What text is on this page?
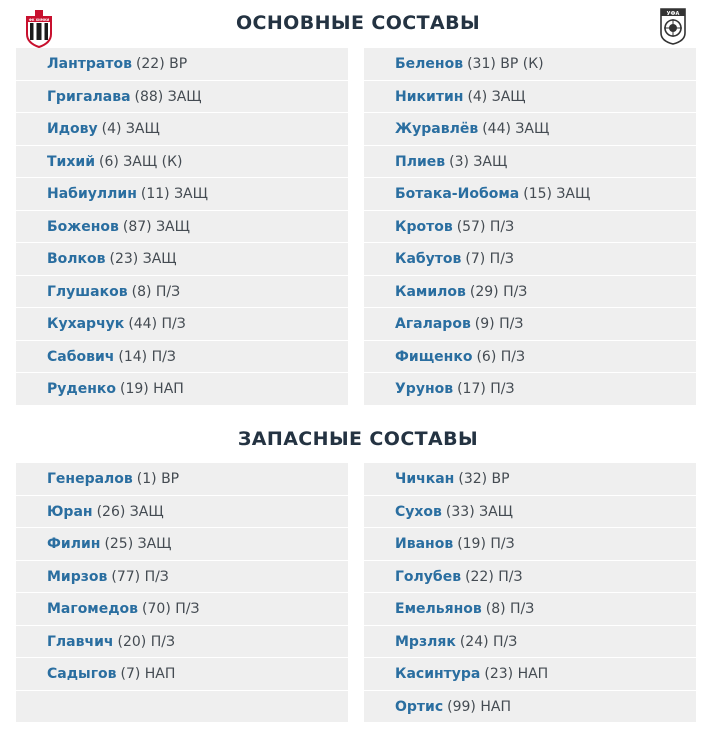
ОСНОВНЫЕ СОСТАВЫ
ФК ХИМКИ
УФА
Лантратов (22) ВР
Григалава (88) ЗАЩ
Идову (4) ЗАЩ
Тихий (6) ЗАЩ (К)
Набиуллин (11) ЗАЩ
Боженов (87) ЗАЩ
Волков (23) ЗАЩ
Глушаков (8) П/З
Кухарчук (44) П/З
Сабович (14) П/З
Руденко (19) НАП
Беленов (31) ВР (К)
Никитин (4) ЗАЩ
Журавлёв (44) ЗАЩ
Плиев (3) ЗАЩ
Ботака-Иобома (15) ЗАЩ
Кротов (57) П/З
Кабутов (7) П/З
Камилов (29) П/З
Агаларов (9) П/З
Фищенко (6) П/З
Урунов (17) П/З
ЗАПАСНЫЕ СОСТАВЫ
Генералов (1) ВР
Юран (26) ЗАЩ
Филин (25) ЗАЩ
Мирзов (77) П/З
Магомедов (70) П/З
Главчич (20) П/З
Садыгов (7) НАП
Чичкан (32) ВР
Сухов (33) ЗАЩ
Иванов (19) П/З
Голубев (22) П/З
Емельянов (8) П/З
Мрзляк (24) П/З
Касинтура (23) НАП
Ортис (99) НАП
